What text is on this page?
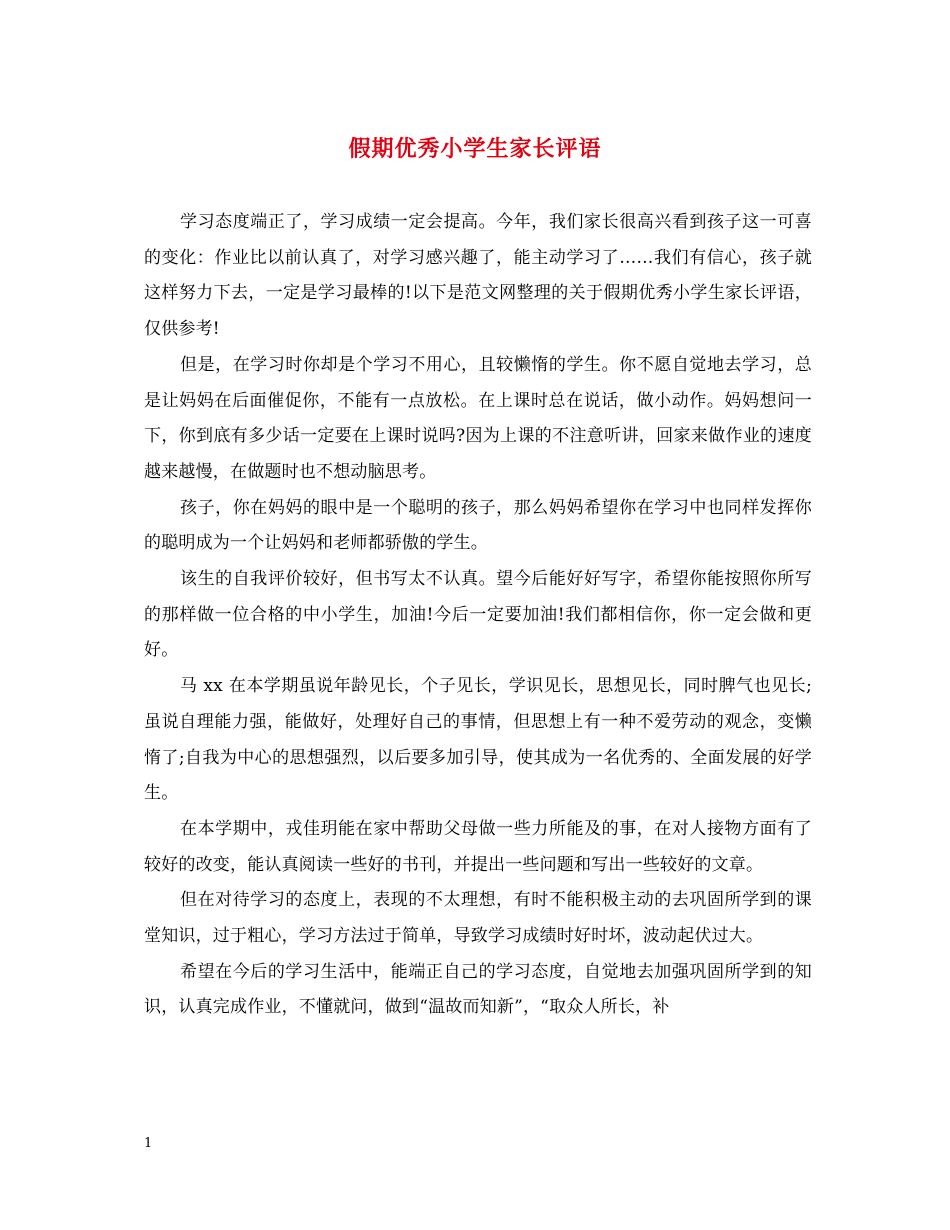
假期优秀小学生家长评语

学习态度端正了，学习成绩一定会提高。今年，我们家长很高兴看到孩子这一可喜的变化：作业比以前认真了，对学习感兴趣了，能主动学习了……我们有信心，孩子就这样努力下去，一定是学习最棒的!以下是范文网整理的关于假期优秀小学生家长评语，仅供参考!

但是，在学习时你却是个学习不用心，且较懒惰的学生。你不愿自觉地去学习，总是让妈妈在后面催促你，不能有一点放松。在上课时总在说话，做小动作。妈妈想问一下，你到底有多少话一定要在上课时说吗?因为上课的不注意听讲，回家来做作业的速度越来越慢，在做题时也不想动脑思考。

孩子，你在妈妈的眼中是一个聪明的孩子，那么妈妈希望你在学习中也同样发挥你的聪明成为一个让妈妈和老师都骄傲的学生。

该生的自我评价较好，但书写太不认真。望今后能好好写字，希望你能按照你所写的那样做一位合格的中小学生，加油!今后一定要加油!我们都相信你，你一定会做和更好。

马 xx 在本学期虽说年龄见长，个子见长，学识见长，思想见长，同时脾气也见长;虽说自理能力强，能做好，处理好自己的事情，但思想上有一种不爱劳动的观念，变懒惰了;自我为中心的思想强烈，以后要多加引导，使其成为一名优秀的、全面发展的好学生。

在本学期中，戎佳玥能在家中帮助父母做一些力所能及的事，在对人接物方面有了较好的改变，能认真阅读一些好的书刊，并提出一些问题和写出一些较好的文章。

但在对待学习的态度上，表现的不太理想，有时不能积极主动的去巩固所学到的课堂知识，过于粗心，学习方法过于简单，导致学习成绩时好时坏，波动起伏过大。

希望在今后的学习生活中，能端正自己的学习态度，自觉地去加强巩固所学到的知识，认真完成作业，不懂就问，做到“温故而知新”，“取众人所长，补

1
